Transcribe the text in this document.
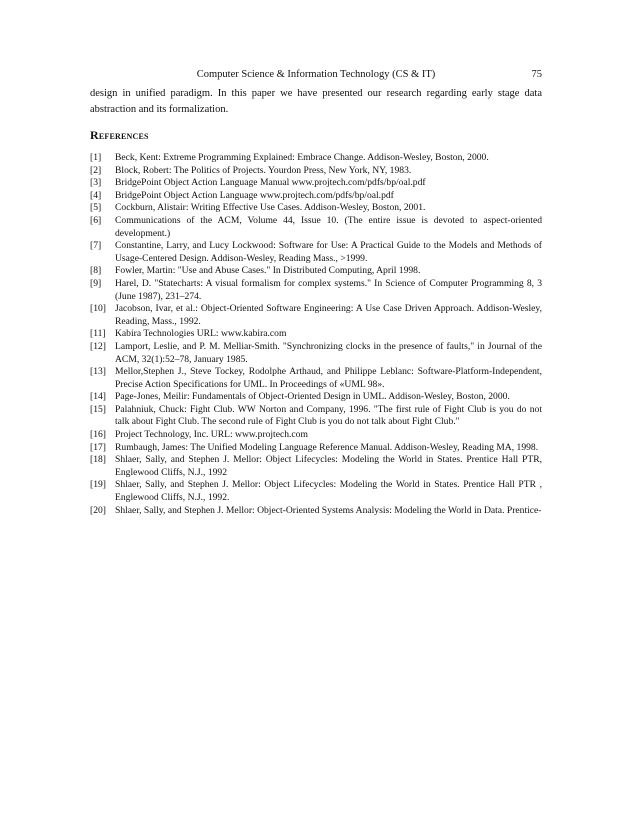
Computer Science & Information Technology (CS & IT)	75

design in unified paradigm. In this paper we have presented our research regarding early stage data abstraction and its formalization.

References
[1]	Beck, Kent: Extreme Programming Explained: Embrace Change. Addison-Wesley, Boston, 2000.
[2]	Block, Robert: The Politics of Projects. Yourdon Press, New York, NY, 1983.
[3]	BridgePoint Object Action Language Manual www.projtech.com/pdfs/bp/oal.pdf
[4]	BridgePoint Object Action Language www.projtech.com/pdfs/bp/oal.pdf
[5]	Cockburn, Alistair: Writing Effective Use Cases. Addison-Wesley, Boston, 2001.
[6]	Communications of the ACM, Volume 44, Issue 10. (The entire issue is devoted to aspect-oriented development.)
[7]	Constantine, Larry, and Lucy Lockwood: Software for Use: A Practical Guide to the Models and Methods of Usage-Centered Design. Addison-Wesley, Reading Mass., >1999.
[8]	Fowler, Martin: "Use and Abuse Cases." In Distributed Computing, April 1998.
[9]	Harel, D. "Statecharts: A visual formalism for complex systems." In Science of Computer Programming 8, 3 (June 1987), 231–274.
[10] Jacobson, Ivar, et al.: Object-Oriented Software Engineering: A Use Case Driven Approach. Addison-Wesley, Reading, Mass., 1992.
[11] Kabira Technologies URL: www.kabira.com
[12] Lamport, Leslie, and P. M. Melliar-Smith. "Synchronizing clocks in the presence of faults," in Journal of the ACM, 32(1):52–78, January 1985.
[13] Mellor,Stephen J., Steve Tockey, Rodolphe Arthaud, and Philippe Leblanc: Software-Platform-Independent, Precise Action Specifications for UML. In Proceedings of «UML 98».
[14] Page-Jones, Meilir: Fundamentals of Object-Oriented Design in UML. Addison-Wesley, Boston, 2000.
[15] Palahniuk, Chuck: Fight Club. WW Norton and Company, 1996. "The first rule of Fight Club is you do not talk about Fight Club. The second rule of Fight Club is you do not talk about Fight Club."
[16] Project Technology, Inc. URL: www.projtech.com
[17] Rumbaugh, James: The Unified Modeling Language Reference Manual. Addison-Wesley, Reading MA, 1998.
[18] Shlaer, Sally, and Stephen J. Mellor: Object Lifecycles: Modeling the World in States. Prentice Hall PTR, Englewood Cliffs, N.J., 1992
[19] Shlaer, Sally, and Stephen J. Mellor: Object Lifecycles: Modeling the World in States. Prentice Hall PTR , Englewood Cliffs, N.J., 1992.
[20] Shlaer, Sally, and Stephen J. Mellor: Object-Oriented Systems Analysis: Modeling the World in Data. Prentice-
